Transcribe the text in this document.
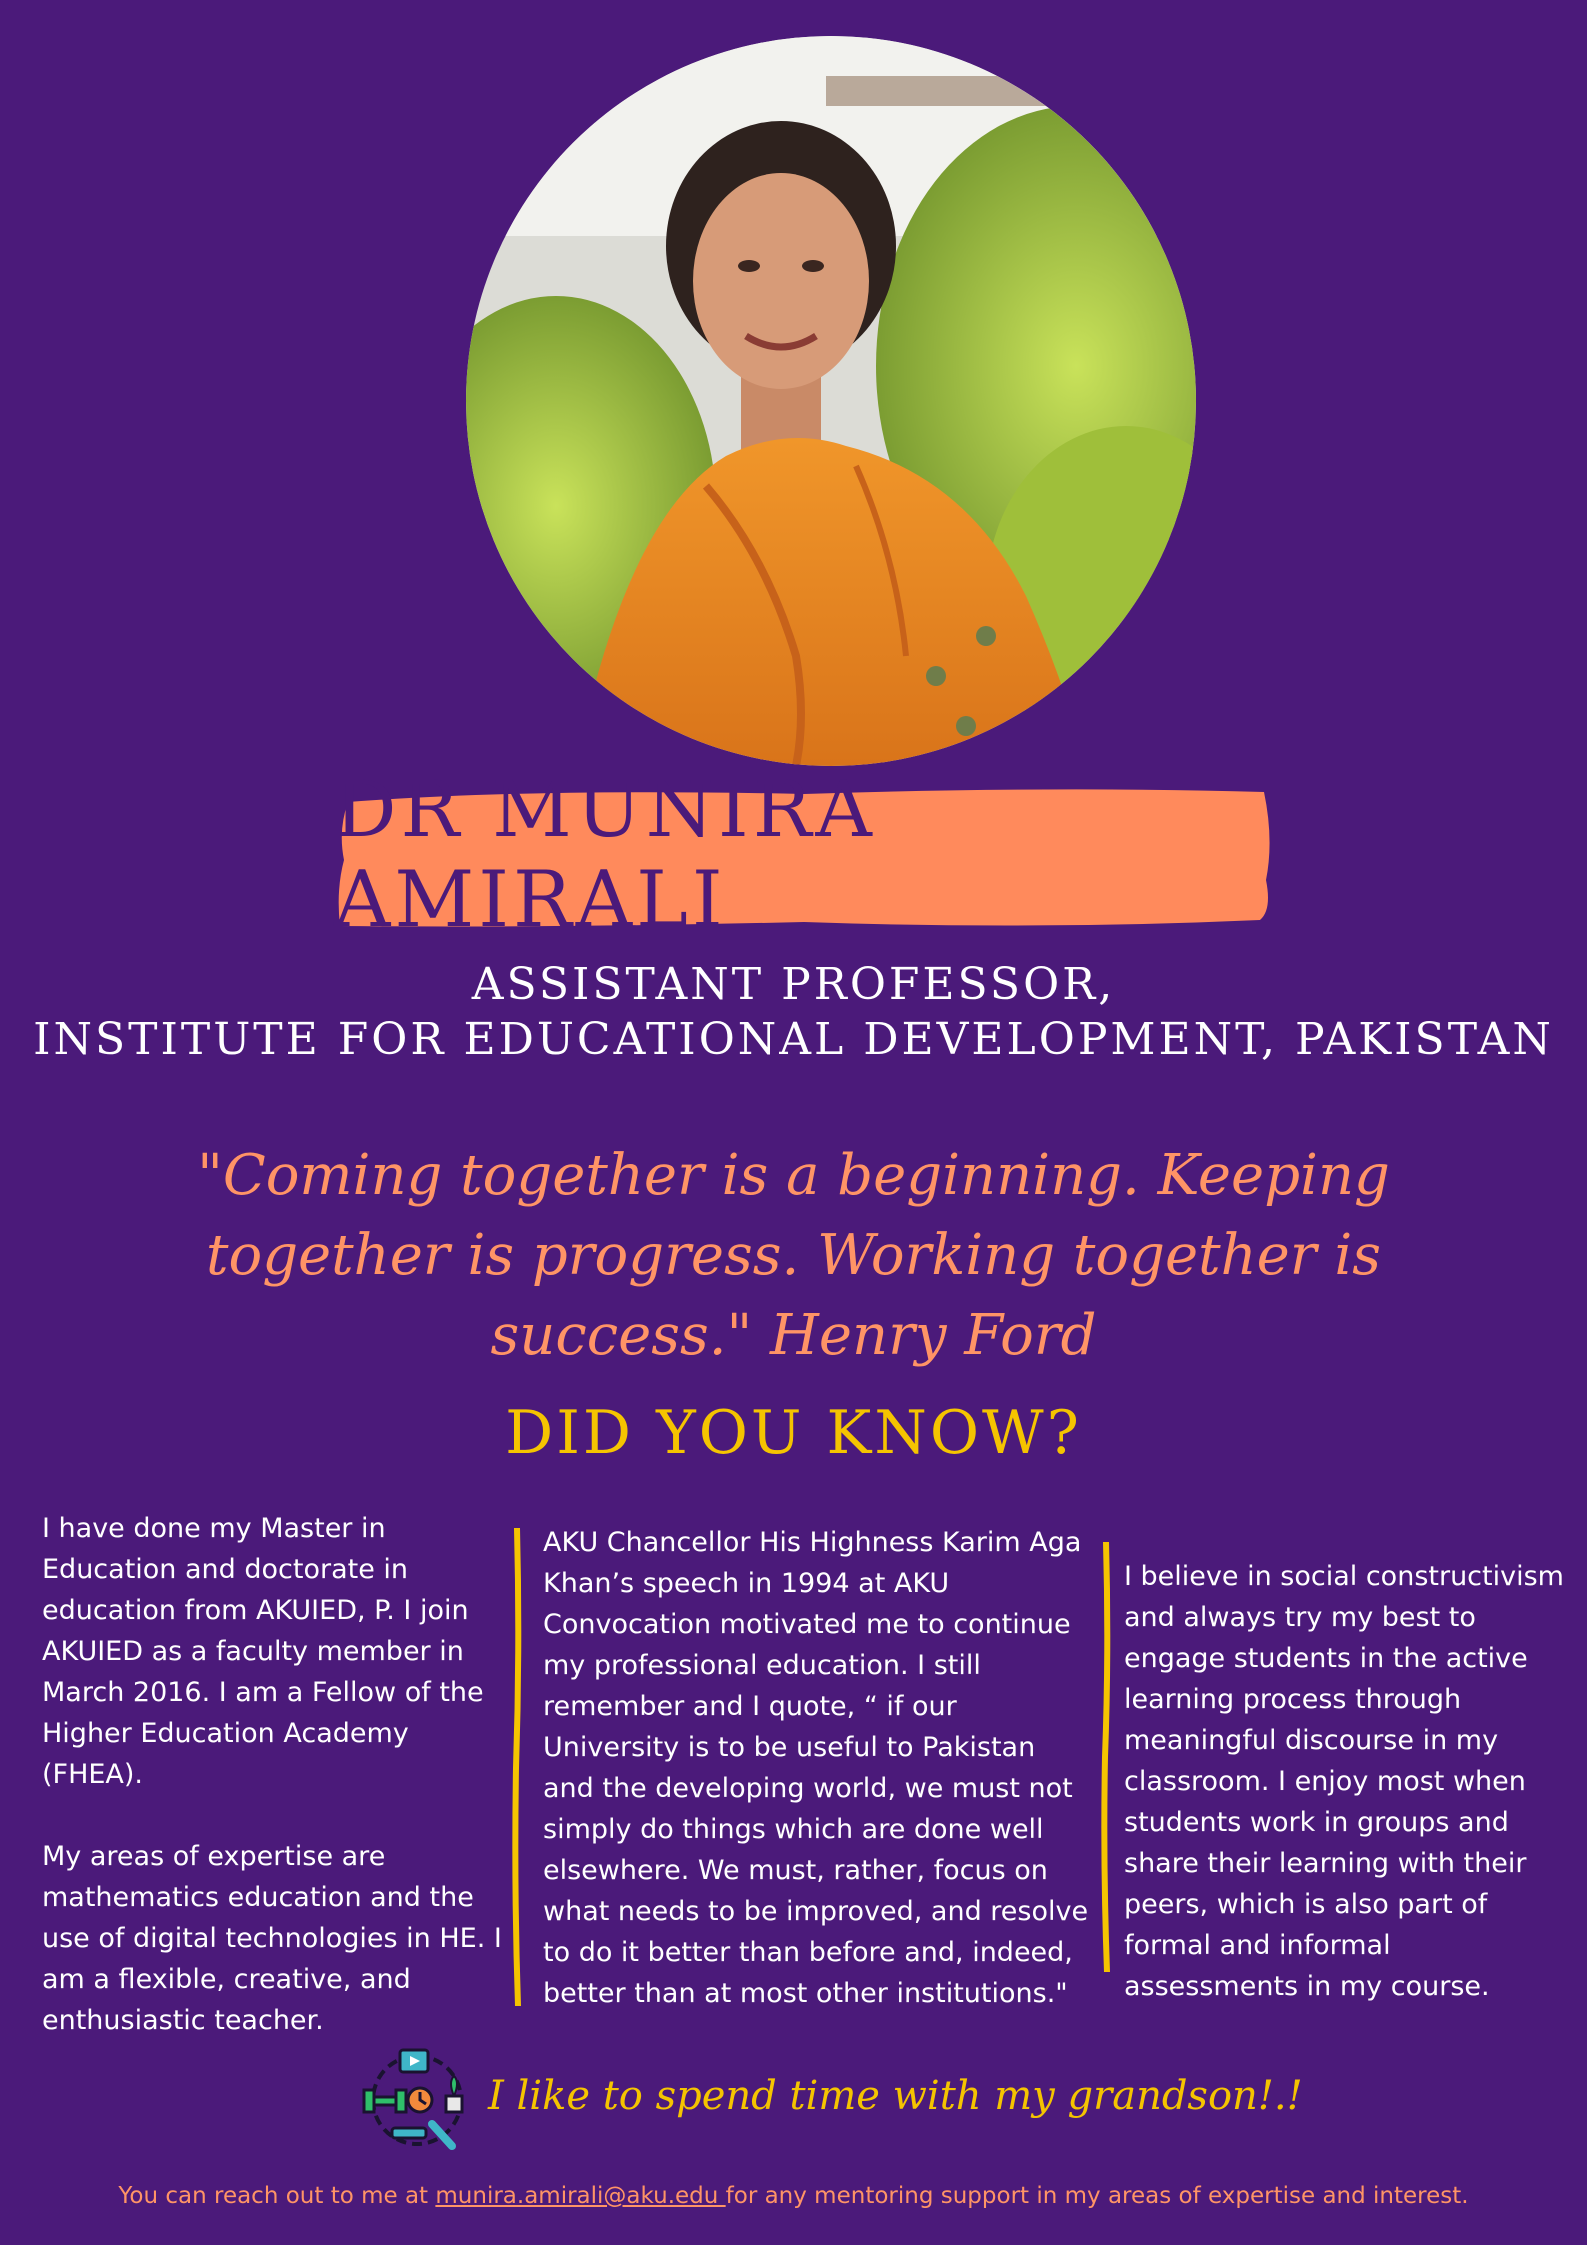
DR MUNIRA AMIRALI
ASSISTANT PROFESSOR,
INSTITUTE FOR EDUCATIONAL DEVELOPMENT, PAKISTAN
"Coming together is a beginning. Keeping together is progress. Working together is success." Henry Ford
DID YOU KNOW?

I have done my Master in Education and doctorate in education from AKUIED, P. I join AKUIED as a faculty member in March 2016. I am a Fellow of the Higher Education Academy (FHEA).

My areas of expertise are mathematics education and the use of digital technologies in HE. I am a flexible, creative, and enthusiastic teacher.

AKU Chancellor His Highness Karim Aga Khan’s speech in 1994 at AKU Convocation motivated me to continue my professional education. I still remember and I quote, “ if our University is to be useful to Pakistan and the developing world, we must not simply do things which are done well elsewhere. We must, rather, focus on what needs to be improved, and resolve to do it better than before and, indeed, better than at most other institutions."

I believe in social constructivism and always try my best to engage students in the active learning process through meaningful discourse in my classroom. I enjoy most when students work in groups and share their learning with their peers, which is also part of formal and informal assessments in my course.

I like to spend time with my grandson!.!
You can reach out to me at munira.amirali@aku.edu for any mentoring support in my areas of expertise and interest.
